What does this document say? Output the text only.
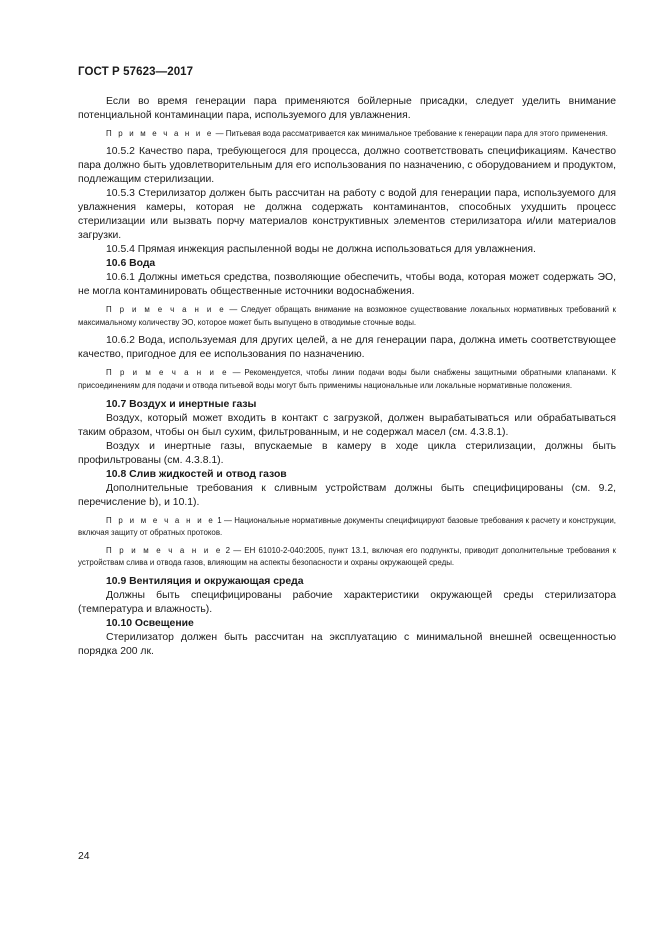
ГОСТ Р 57623—2017

Если во время генерации пара применяются бойлерные присадки, следует уделить внимание потенциальной контаминации пара, используемого для увлажнения.

П р и м е ч а н и е — Питьевая вода рассматривается как минимальное требование к генерации пара для этого применения.

10.5.2 Качество пара, требующегося для процесса, должно соответствовать спецификациям. Качество пара должно быть удовлетворительным для его использования по назначению, с оборудованием и продуктом, подлежащим стерилизации.

10.5.3 Стерилизатор должен быть рассчитан на работу с водой для генерации пара, используемого для увлажнения камеры, которая не должна содержать контаминантов, способных ухудшить процесс стерилизации или вызвать порчу материалов конструктивных элементов стерилизатора и/или материалов загрузки.

10.5.4 Прямая инжекция распыленной воды не должна использоваться для увлажнения.

10.6 Вода

10.6.1 Должны иметься средства, позволяющие обеспечить, чтобы вода, которая может содержать ЭО, не могла контаминировать общественные источники водоснабжения.

П р и м е ч а н и е — Следует обращать внимание на возможное существование локальных нормативных требований к максимальному количеству ЭО, которое может быть выпущено в отводимые сточные воды.

10.6.2 Вода, используемая для других целей, а не для генерации пара, должна иметь соответствующее качество, пригодное для ее использования по назначению.

П р и м е ч а н и е — Рекомендуется, чтобы линии подачи воды были снабжены защитными обратными клапанами. К присоединениям для подачи и отвода питьевой воды могут быть применимы национальные или локальные нормативные положения.

10.7 Воздух и инертные газы

Воздух, который может входить в контакт с загрузкой, должен вырабатываться или обрабатываться таким образом, чтобы он был сухим, фильтрованным, и не содержал масел (см. 4.3.8.1).

Воздух и инертные газы, впускаемые в камеру в ходе цикла стерилизации, должны быть профильтрованы (см. 4.3.8.1).

10.8 Слив жидкостей и отвод газов

Дополнительные требования к сливным устройствам должны быть специфицированы (см. 9.2, перечисление b), и 10.1).

П р и м е ч а н и е 1 — Национальные нормативные документы специфицируют базовые требования к расчету и конструкции, включая защиту от обратных протоков.

П р и м е ч а н и е 2 — ЕН 61010-2-040:2005, пункт 13.1, включая его подпункты, приводит дополнительные требования к устройствам слива и отвода газов, влияющим на аспекты безопасности и охраны окружающей среды.

10.9 Вентиляция и окружающая среда

Должны быть специфицированы рабочие характеристики окружающей среды стерилизатора (температура и влажность).

10.10 Освещение

Стерилизатор должен быть рассчитан на эксплуатацию с минимальной внешней освещенностью порядка 200 лк.

24
